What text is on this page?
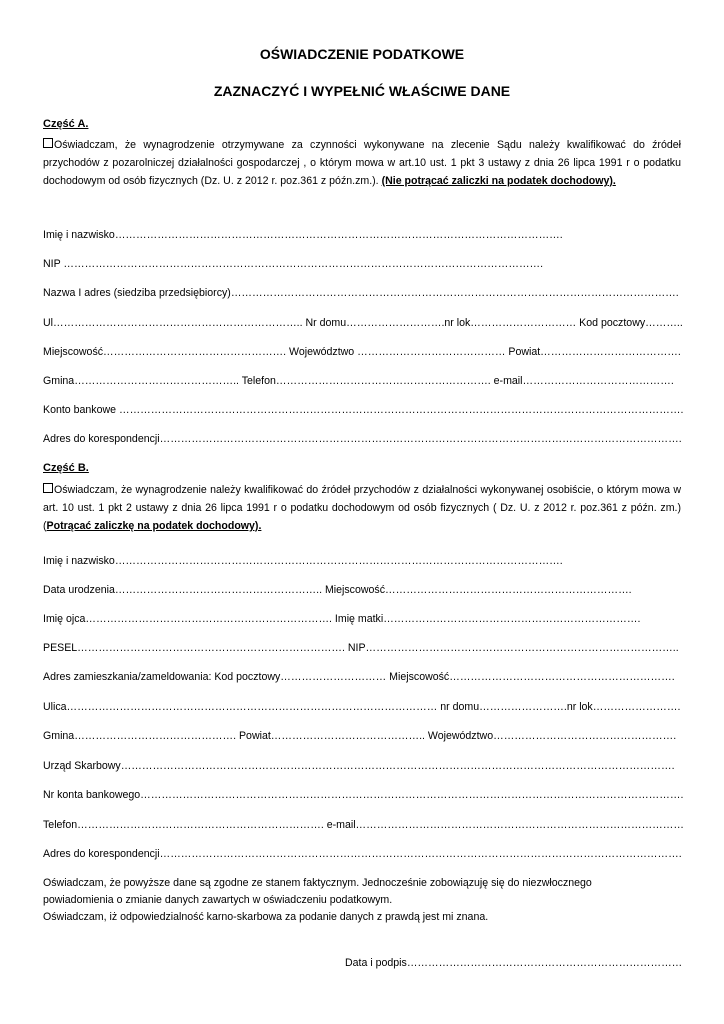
OŚWIADCZENIE PODATKOWE
ZAZNACZYĆ I WYPEŁNIĆ WŁAŚCIWE DANE
Część A.
Oświadczam, że wynagrodzenie otrzymywane za czynności wykonywane na zlecenie Sądu należy kwalifikować do źródeł przychodów z pozarolniczej działalności gospodarczej , o którym mowa w art.10 ust. 1 pkt 3 ustawy z dnia 26 lipca 1991 r o podatku dochodowym od osób fizycznych (Dz. U. z 2012 r. poz.361 z późn.zm.). (Nie potrącać zaliczki na podatek dochodowy).
Imię i nazwisko……………………………………………………………………………………………………………….
NIP ……………………………………………………………………………………………………………………….
Nazwa I adres (siedziba przedsiębiorcy)……………………………………………………………………………………………………………….
Ul…………………………………………………………….. Nr domu……………………….nr lok………………………… Kod pocztowy………..
Miejscowość……………………………………………. Województwo …………………………………… Powiat………………………………….
Gmina……………………………………….. Telefon……………………………………………………. e-mail…………………………………….
Konto bankowe …………………………………………………………………………………………………………………………………………….
Adres do korespondencji………………………………………………………………………………………………………………………………….
Część B.
Oświadczam, że wynagrodzenie należy kwalifikować do źródeł przychodów z działalności wykonywanej osobiście, o którym mowa w art. 10 ust. 1 pkt 2 ustawy z dnia 26 lipca 1991 r o podatku dochodowym od osób fizycznych ( Dz. U. z 2012 r. poz.361 z późn. zm.) (Potrącać zaliczkę na podatek dochodowy).
Imię i nazwisko……………………………………………………………………………………………………………….
Data urodzenia………………………………………………….. Miejscowość…………………………………………………………….
Imię ojca……………………………………………………………. Imię matki……………………………………………………………….
PESEL…………………………………………………………………. NIP……………………………………………………………………………..
Adres zamieszkania/zameldowania: Kod pocztowy………………………… Miejscowość……………………………………………………….
Ulica…………………………………………………………………………………………… nr domu…………………….nr lok…………………….
Gmina………………………………………. Powiat…………………………………….. Województwo…………………………………………….
Urząd Skarbowy………………………………………………………………………………………………………………………………………….
Nr konta bankowego……………………………………………………………………………………………………………………………………….
Telefon……………………………………………………………. e-mail…………………………………………………………………………………
Adres do korespondencji………………………………………………………………………………………………………………………………….
Oświadczam, że powyższe dane są zgodne ze stanem faktycznym. Jednocześnie zobowiązuję się do niezwłocznego
powiadomienia o zmianie danych zawartych w oświadczeniu podatkowym.
Oświadczam, iż odpowiedzialność karno-skarbowa za podanie danych z prawdą jest mi znana.
Data i podpis……………………………………………………………………
